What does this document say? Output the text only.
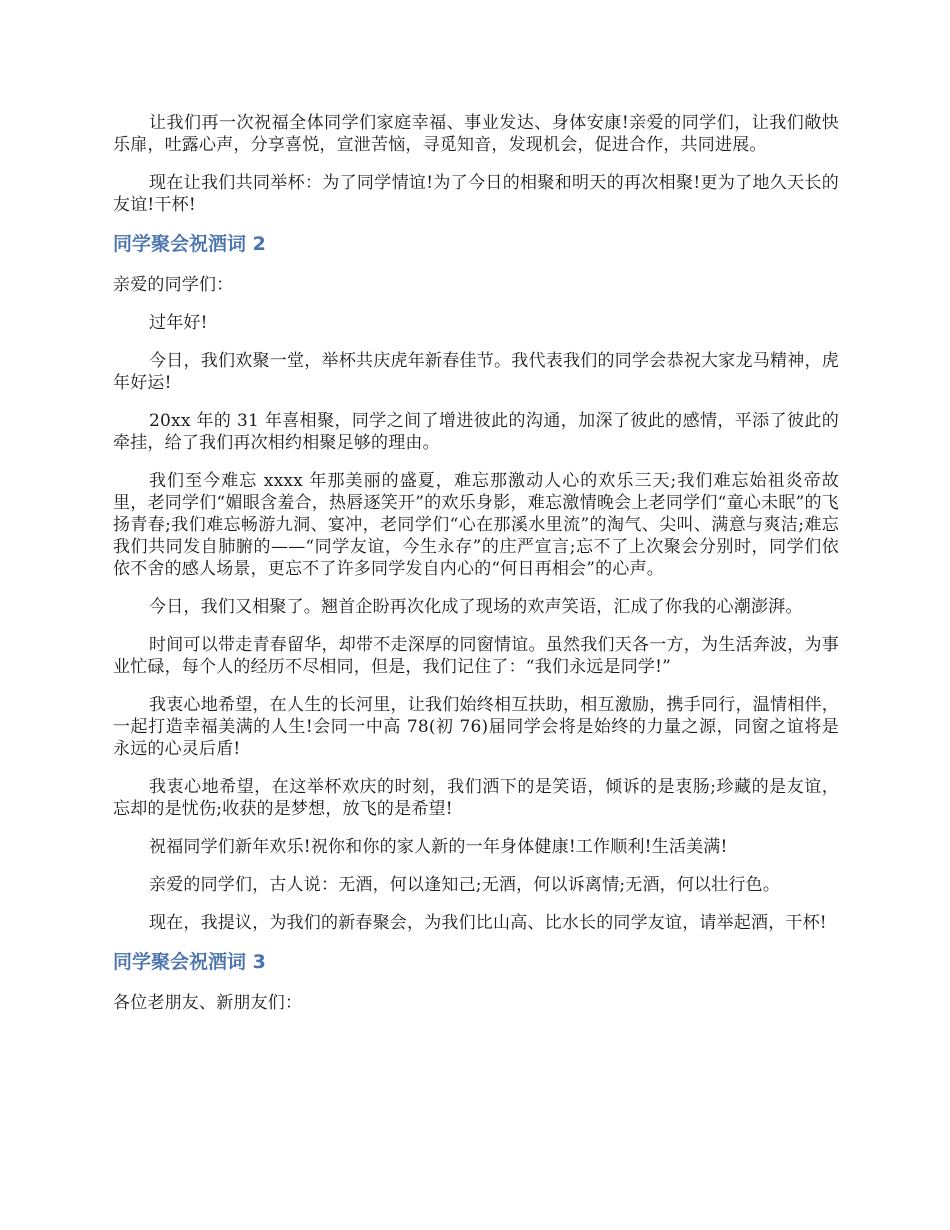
让我们再一次祝福全体同学们家庭幸福、事业发达、身体安康!亲爱的同学们，让我们敞快乐扉，吐露心声，分享喜悦，宣泄苦恼，寻觅知音，发现机会，促进合作，共同进展。

现在让我们共同举杯：为了同学情谊!为了今日的相聚和明天的再次相聚!更为了地久天长的友谊!干杯!

同学聚会祝酒词 2

亲爱的同学们：

过年好!

今日，我们欢聚一堂，举杯共庆虎年新春佳节。我代表我们的同学会恭祝大家龙马精神，虎年好运!

20xx 年的 31 年喜相聚，同学之间了增进彼此的沟通，加深了彼此的感情，平添了彼此的牵挂，给了我们再次相约相聚足够的理由。

我们至今难忘 xxxx 年那美丽的盛夏，难忘那激动人心的欢乐三天;我们难忘始祖炎帝故里，老同学们“媚眼含羞合，热唇逐笑开”的欢乐身影，难忘激情晚会上老同学们“童心未眠”的飞扬青春;我们难忘畅游九洞、宴冲，老同学们“心在那溪水里流”的淘气、尖叫、满意与爽洁;难忘我们共同发自肺腑的——“同学友谊，今生永存”的庄严宣言;忘不了上次聚会分别时，同学们依依不舍的感人场景，更忘不了许多同学发自内心的“何日再相会”的心声。

今日，我们又相聚了。翘首企盼再次化成了现场的欢声笑语，汇成了你我的心潮澎湃。

时间可以带走青春留华，却带不走深厚的同窗情谊。虽然我们天各一方，为生活奔波，为事业忙碌，每个人的经历不尽相同，但是，我们记住了：“我们永远是同学!”

我衷心地希望，在人生的长河里，让我们始终相互扶助，相互激励，携手同行，温情相伴，一起打造幸福美满的人生!会同一中高 78(初 76)届同学会将是始终的力量之源，同窗之谊将是永远的心灵后盾!

我衷心地希望，在这举杯欢庆的时刻，我们洒下的是笑语，倾诉的是衷肠;珍藏的是友谊，忘却的是忧伤;收获的是梦想，放飞的是希望!

祝福同学们新年欢乐!祝你和你的家人新的一年身体健康!工作顺利!生活美满!

亲爱的同学们，古人说：无酒，何以逢知己;无酒，何以诉离情;无酒，何以壮行色。

现在，我提议，为我们的新春聚会，为我们比山高、比水长的同学友谊，请举起酒，干杯!

同学聚会祝酒词 3

各位老朋友、新朋友们：
